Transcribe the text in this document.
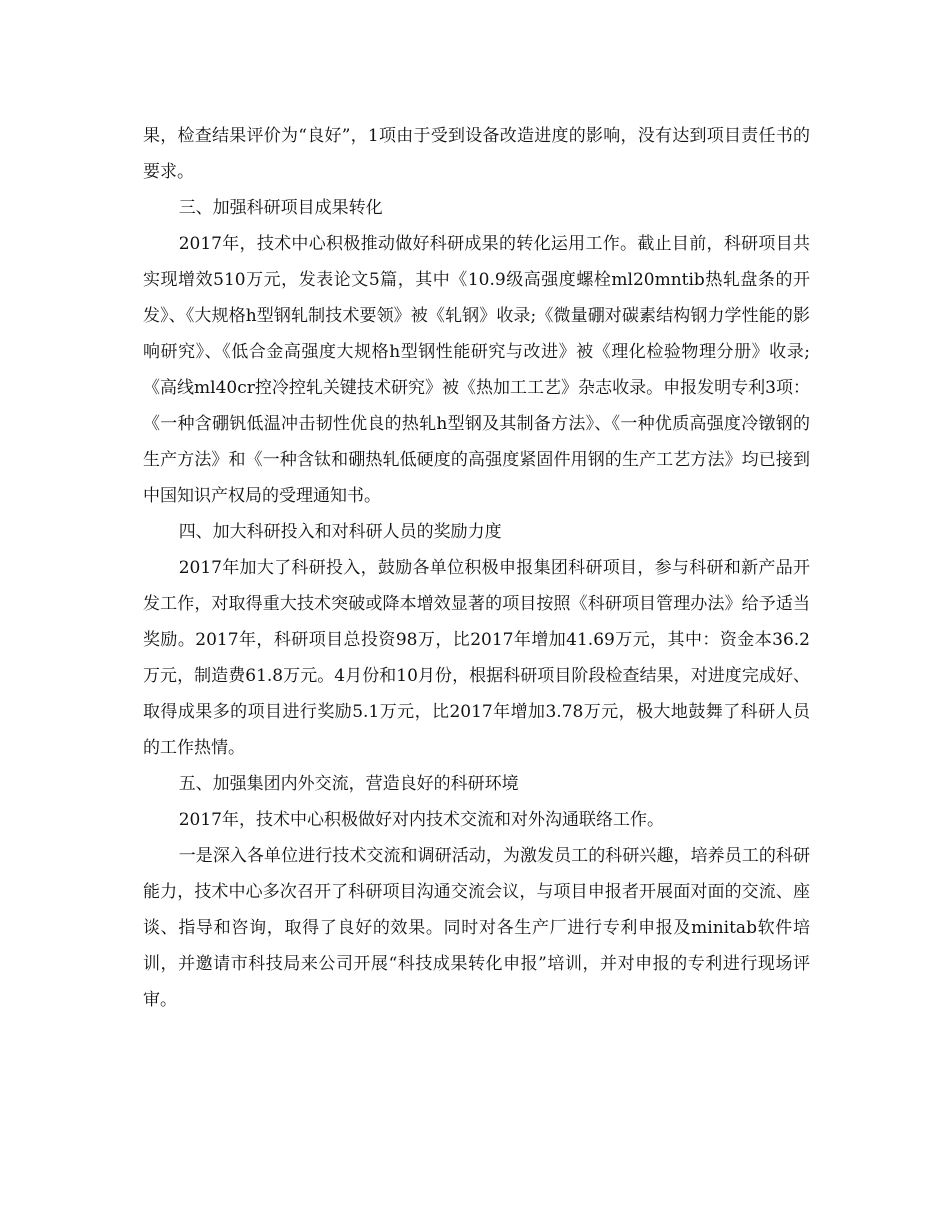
果，检查结果评价为“良好”，1项由于受到设备改造进度的影响，没有达到项目责任书的要求。

三、加强科研项目成果转化

2017年，技术中心积极推动做好科研成果的转化运用工作。截止目前，科研项目共实现增效510万元，发表论文5篇，其中《10.9级高强度螺栓ml20mntib热轧盘条的开发》、《大规格h型钢轧制技术要领》被《轧钢》收录;《微量硼对碳素结构钢力学性能的影响研究》、《低合金高强度大规格h型钢性能研究与改进》被《理化检验物理分册》收录;《高线ml40cr控冷控轧关键技术研究》被《热加工工艺》杂志收录。申报发明专利3项：《一种含硼钒低温冲击韧性优良的热轧h型钢及其制备方法》、《一种优质高强度冷镦钢的生产方法》和《一种含钛和硼热轧低硬度的高强度紧固件用钢的生产工艺方法》均已接到中国知识产权局的受理通知书。

四、加大科研投入和对科研人员的奖励力度

2017年加大了科研投入，鼓励各单位积极申报集团科研项目，参与科研和新产品开发工作，对取得重大技术突破或降本增效显著的项目按照《科研项目管理办法》给予适当奖励。2017年，科研项目总投资98万，比2017年增加41.69万元，其中：资金本36.2万元，制造费61.8万元。4月份和10月份，根据科研项目阶段检查结果，对进度完成好、取得成果多的项目进行奖励5.1万元，比2017年增加3.78万元，极大地鼓舞了科研人员的工作热情。

五、加强集团内外交流，营造良好的科研环境

2017年，技术中心积极做好对内技术交流和对外沟通联络工作。

一是深入各单位进行技术交流和调研活动，为激发员工的科研兴趣，培养员工的科研能力，技术中心多次召开了科研项目沟通交流会议，与项目申报者开展面对面的交流、座谈、指导和咨询，取得了良好的效果。同时对各生产厂进行专利申报及minitab软件培训，并邀请市科技局来公司开展“科技成果转化申报”培训，并对申报的专利进行现场评审。
